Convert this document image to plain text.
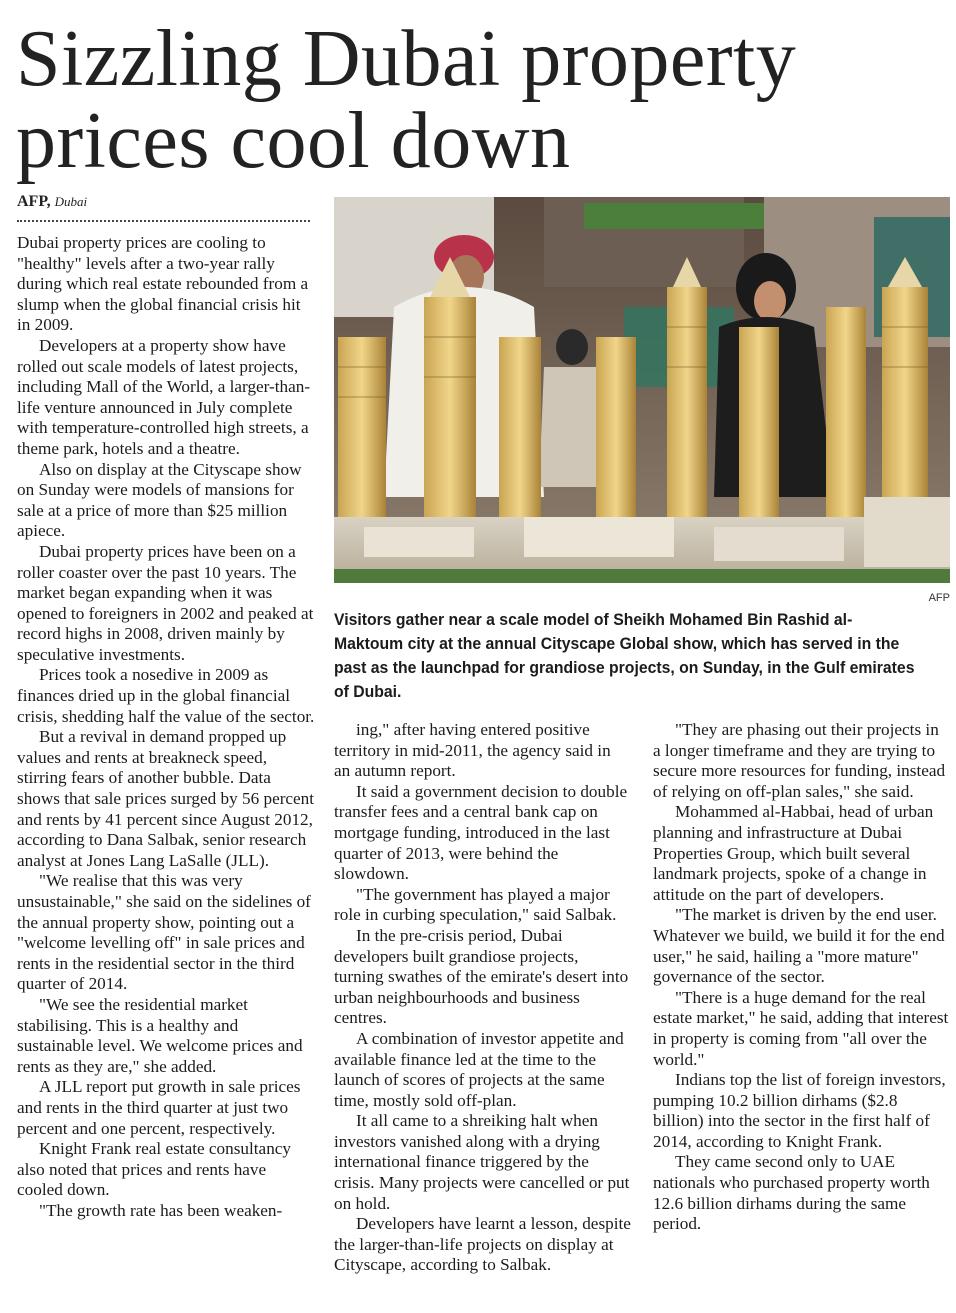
Sizzling Dubai property prices cool down
AFP, Dubai

Dubai property prices are cooling to "healthy" levels after a two-year rally during which real estate rebounded from a slump when the global financial crisis hit in 2009.

Developers at a property show have rolled out scale models of latest projects, including Mall of the World, a larger-than-life venture announced in July complete with temperature-controlled high streets, a theme park, hotels and a theatre.

Also on display at the Cityscape show on Sunday were models of mansions for sale at a price of more than $25 million apiece.

Dubai property prices have been on a roller coaster over the past 10 years. The market began expanding when it was opened to foreigners in 2002 and peaked at record highs in 2008, driven mainly by speculative investments.

Prices took a nosedive in 2009 as finances dried up in the global financial crisis, shedding half the value of the sector.

But a revival in demand propped up values and rents at breakneck speed, stirring fears of another bubble. Data shows that sale prices surged by 56 percent and rents by 41 percent since August 2012, according to Dana Salbak, senior research analyst at Jones Lang LaSalle (JLL).

"We realise that this was very unsustainable," she said on the sidelines of the annual property show, pointing out a "welcome levelling off" in sale prices and rents in the residential sector in the third quarter of 2014.

"We see the residential market stabilising. This is a healthy and sustainable level. We welcome prices and rents as they are," she added.

A JLL report put growth in sale prices and rents in the third quarter at just two percent and one percent, respectively.

Knight Frank real estate consultancy also noted that prices and rents have cooled down.

"The growth rate has been weaken-

AFP
Visitors gather near a scale model of Sheikh Mohamed Bin Rashid al-Maktoum city at the annual Cityscape Global show, which has served in the past as the launchpad for grandiose projects, on Sunday, in the Gulf emirates of Dubai.

ing," after having entered positive territory in mid-2011, the agency said in an autumn report.

It said a government decision to double transfer fees and a central bank cap on mortgage funding, introduced in the last quarter of 2013, were behind the slowdown.

"The government has played a major role in curbing speculation," said Salbak.

In the pre-crisis period, Dubai developers built grandiose projects, turning swathes of the emirate's desert into urban neighbourhoods and business centres.

A combination of investor appetite and available finance led at the time to the launch of scores of projects at the same time, mostly sold off-plan.

It all came to a shreiking halt when investors vanished along with a drying international finance triggered by the crisis. Many projects were cancelled or put on hold.

Developers have learnt a lesson, despite the larger-than-life projects on display at Cityscape, according to Salbak.

"They are phasing out their projects in a longer timeframe and they are trying to secure more resources for funding, instead of relying on off-plan sales," she said.

Mohammed al-Habbai, head of urban planning and infrastructure at Dubai Properties Group, which built several landmark projects, spoke of a change in attitude on the part of developers.

"The market is driven by the end user. Whatever we build, we build it for the end user," he said, hailing a "more mature" governance of the sector.

"There is a huge demand for the real estate market," he said, adding that interest in property is coming from "all over the world."

Indians top the list of foreign investors, pumping 10.2 billion dirhams ($2.8 billion) into the sector in the first half of 2014, according to Knight Frank.

They came second only to UAE nationals who purchased property worth 12.6 billion dirhams during the same period.
